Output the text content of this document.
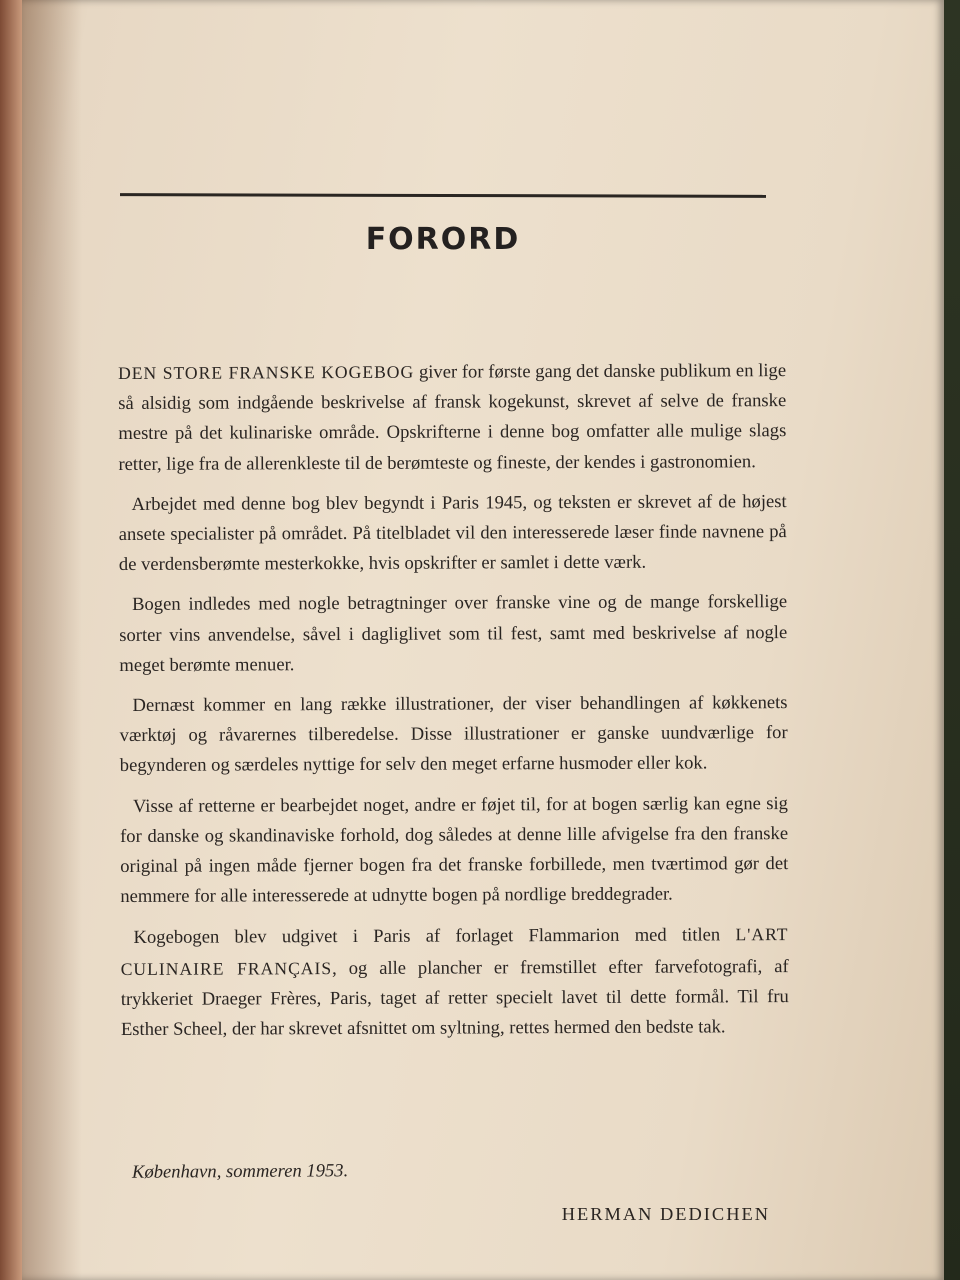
FORORD

DEN STORE FRANSKE KOGEBOG giver for første gang det danske publikum en lige så alsidig som indgående beskrivelse af fransk kogekunst, skrevet af selve de franske mestre på det kulinariske område. Opskrifterne i denne bog omfatter alle mulige slags retter, lige fra de allerenkleste til de berømteste og fineste, der kendes i gastronomien.

Arbejdet med denne bog blev begyndt i Paris 1945, og teksten er skrevet af de højest ansete specialister på området. På titelbladet vil den interesserede læser finde navnene på de verdensberømte mesterkokke, hvis opskrifter er samlet i dette værk.

Bogen indledes med nogle betragtninger over franske vine og de mange forskellige sorter vins anvendelse, såvel i dagliglivet som til fest, samt med beskrivelse af nogle meget berømte menuer.

Dernæst kommer en lang række illustrationer, der viser behandlingen af køkkenets værktøj og råvarernes tilberedelse. Disse illustrationer er ganske uundværlige for begynderen og særdeles nyttige for selv den meget erfarne husmoder eller kok.

Visse af retterne er bearbejdet noget, andre er føjet til, for at bogen særlig kan egne sig for danske og skandinaviske forhold, dog således at denne lille afvigelse fra den franske original på ingen måde fjerner bogen fra det franske forbillede, men tværtimod gør det nemmere for alle interesserede at udnytte bogen på nordlige breddegrader.

Kogebogen blev udgivet i Paris af forlaget Flammarion med titlen L'ART CULINAIRE FRANÇAIS, og alle plancher er fremstillet efter farvefotografi, af trykkeriet Draeger Frères, Paris, taget af retter specielt lavet til dette formål. Til fru Esther Scheel, der har skrevet afsnittet om syltning, rettes hermed den bedste tak.

København, sommeren 1953.
HERMAN DEDICHEN
